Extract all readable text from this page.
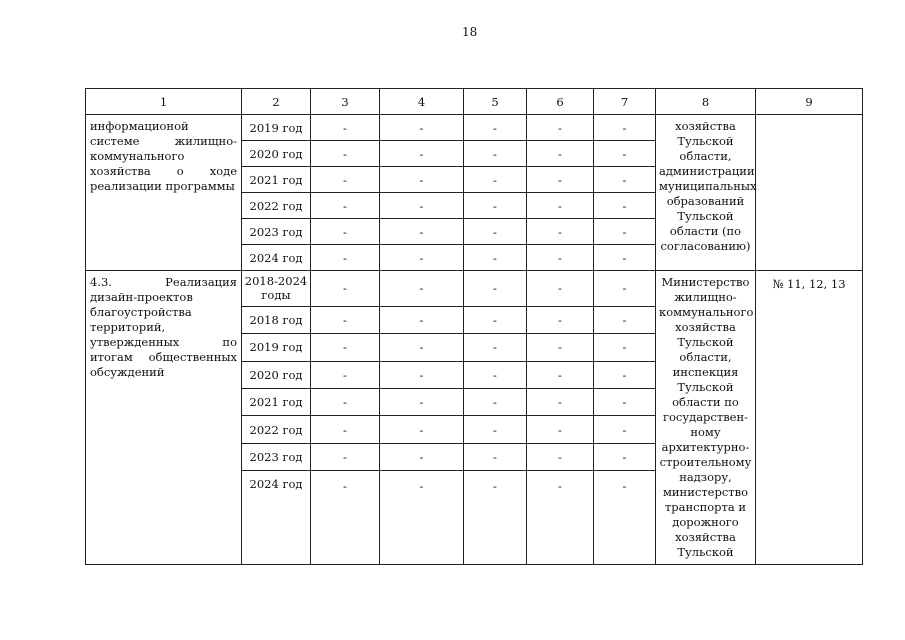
18
1	2	3	4	5	6	7	8	9
информационой системе жилищно-коммунального хозяйства о ходе реализации программы	2019 год	-	-	-	-	-	хозяйства Тульской области, администрации муниципальных образований Тульской области (по согласованию)	
	2020 год	-	-	-	-	-		
	2021 год	-	-	-	-	-		
	2022 год	-	-	-	-	-		
	2023 год	-	-	-	-	-		
	2024 год	-	-	-	-	-		
4.3. Реализация дизайн-проектов благоустройства территорий, утвержденных по итогам общественных обсуждений	2018-2024 годы	-	-	-	-	-	Министерство жилищно-коммунального хозяйства Тульской области, инспекция Тульской области по государствен-ному архитектурно-строительному надзору, министерство транспорта и дорожного хозяйства Тульской	№ 11, 12, 13
	2018 год	-	-	-	-	-		
	2019 год	-	-	-	-	-		
	2020 год	-	-	-	-	-		
	2021 год	-	-	-	-	-		
	2022 год	-	-	-	-	-		
	2023 год	-	-	-	-	-		
	2024 год	-	-	-	-	-		
